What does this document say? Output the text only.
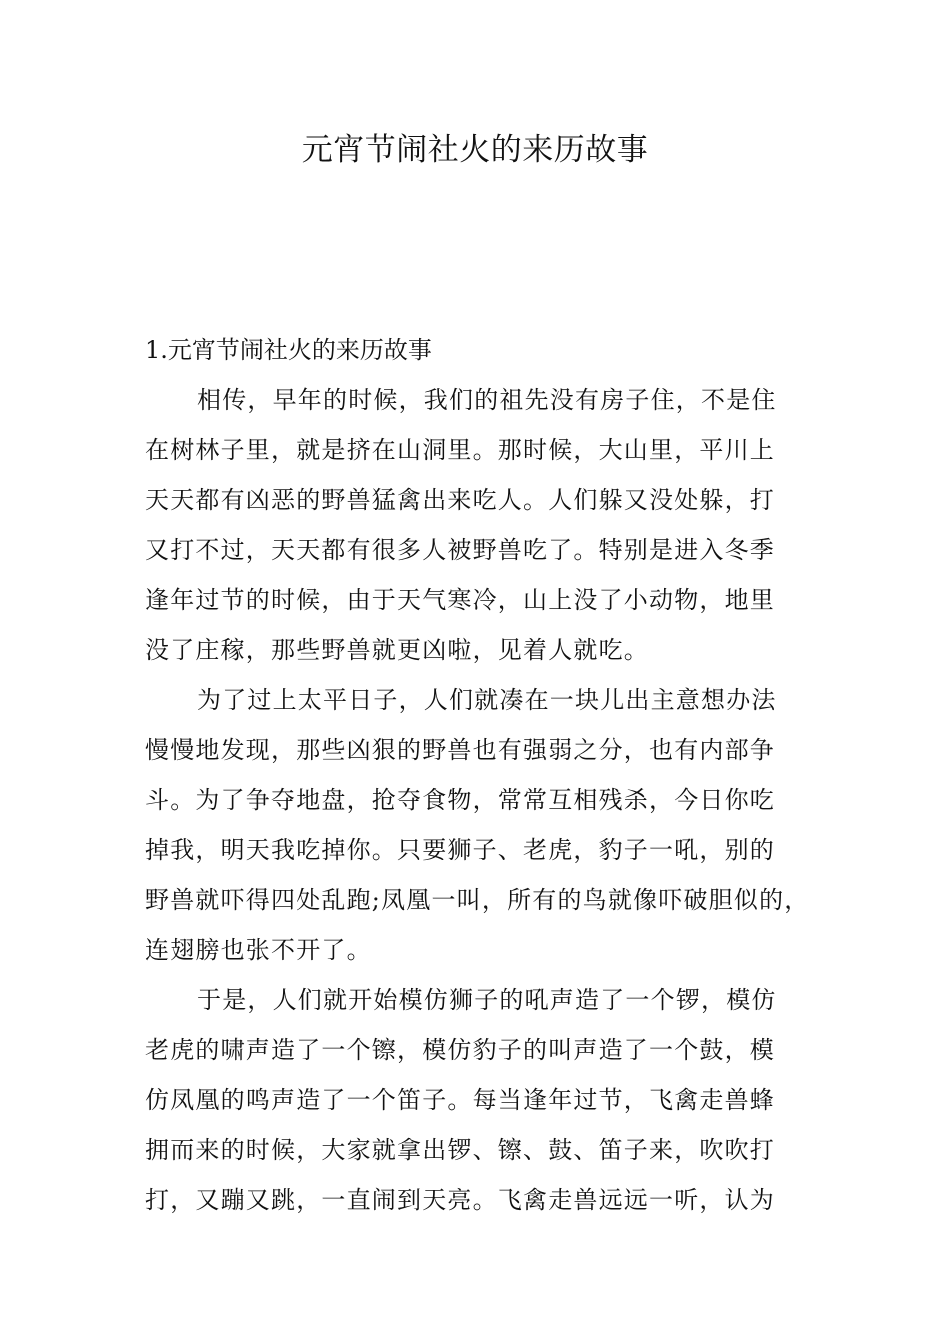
元宵节闹社火的来历故事
1.元宵节闹社火的来历故事
相传，早年的时候，我们的祖先没有房子住，不是住
在树林子里，就是挤在山洞里。那时候，大山里，平川上
天天都有凶恶的野兽猛禽出来吃人。人们躲又没处躲，打
又打不过，天天都有很多人被野兽吃了。特别是进入冬季
逢年过节的时候，由于天气寒冷，山上没了小动物，地里
没了庄稼，那些野兽就更凶啦，见着人就吃。
为了过上太平日子，人们就凑在一块儿出主意想办法
慢慢地发现，那些凶狠的野兽也有强弱之分，也有内部争
斗。为了争夺地盘，抢夺食物，常常互相残杀，今日你吃
掉我，明天我吃掉你。只要狮子、老虎，豹子一吼，别的
野兽就吓得四处乱跑;凤凰一叫，所有的鸟就像吓破胆似的，
连翅膀也张不开了。
于是，人们就开始模仿狮子的吼声造了一个锣，模仿
老虎的啸声造了一个镲，模仿豹子的叫声造了一个鼓，模
仿凤凰的鸣声造了一个笛子。每当逢年过节，飞禽走兽蜂
拥而来的时候，大家就拿出锣、镲、鼓、笛子来，吹吹打
打，又蹦又跳，一直闹到天亮。飞禽走兽远远一听，认为
